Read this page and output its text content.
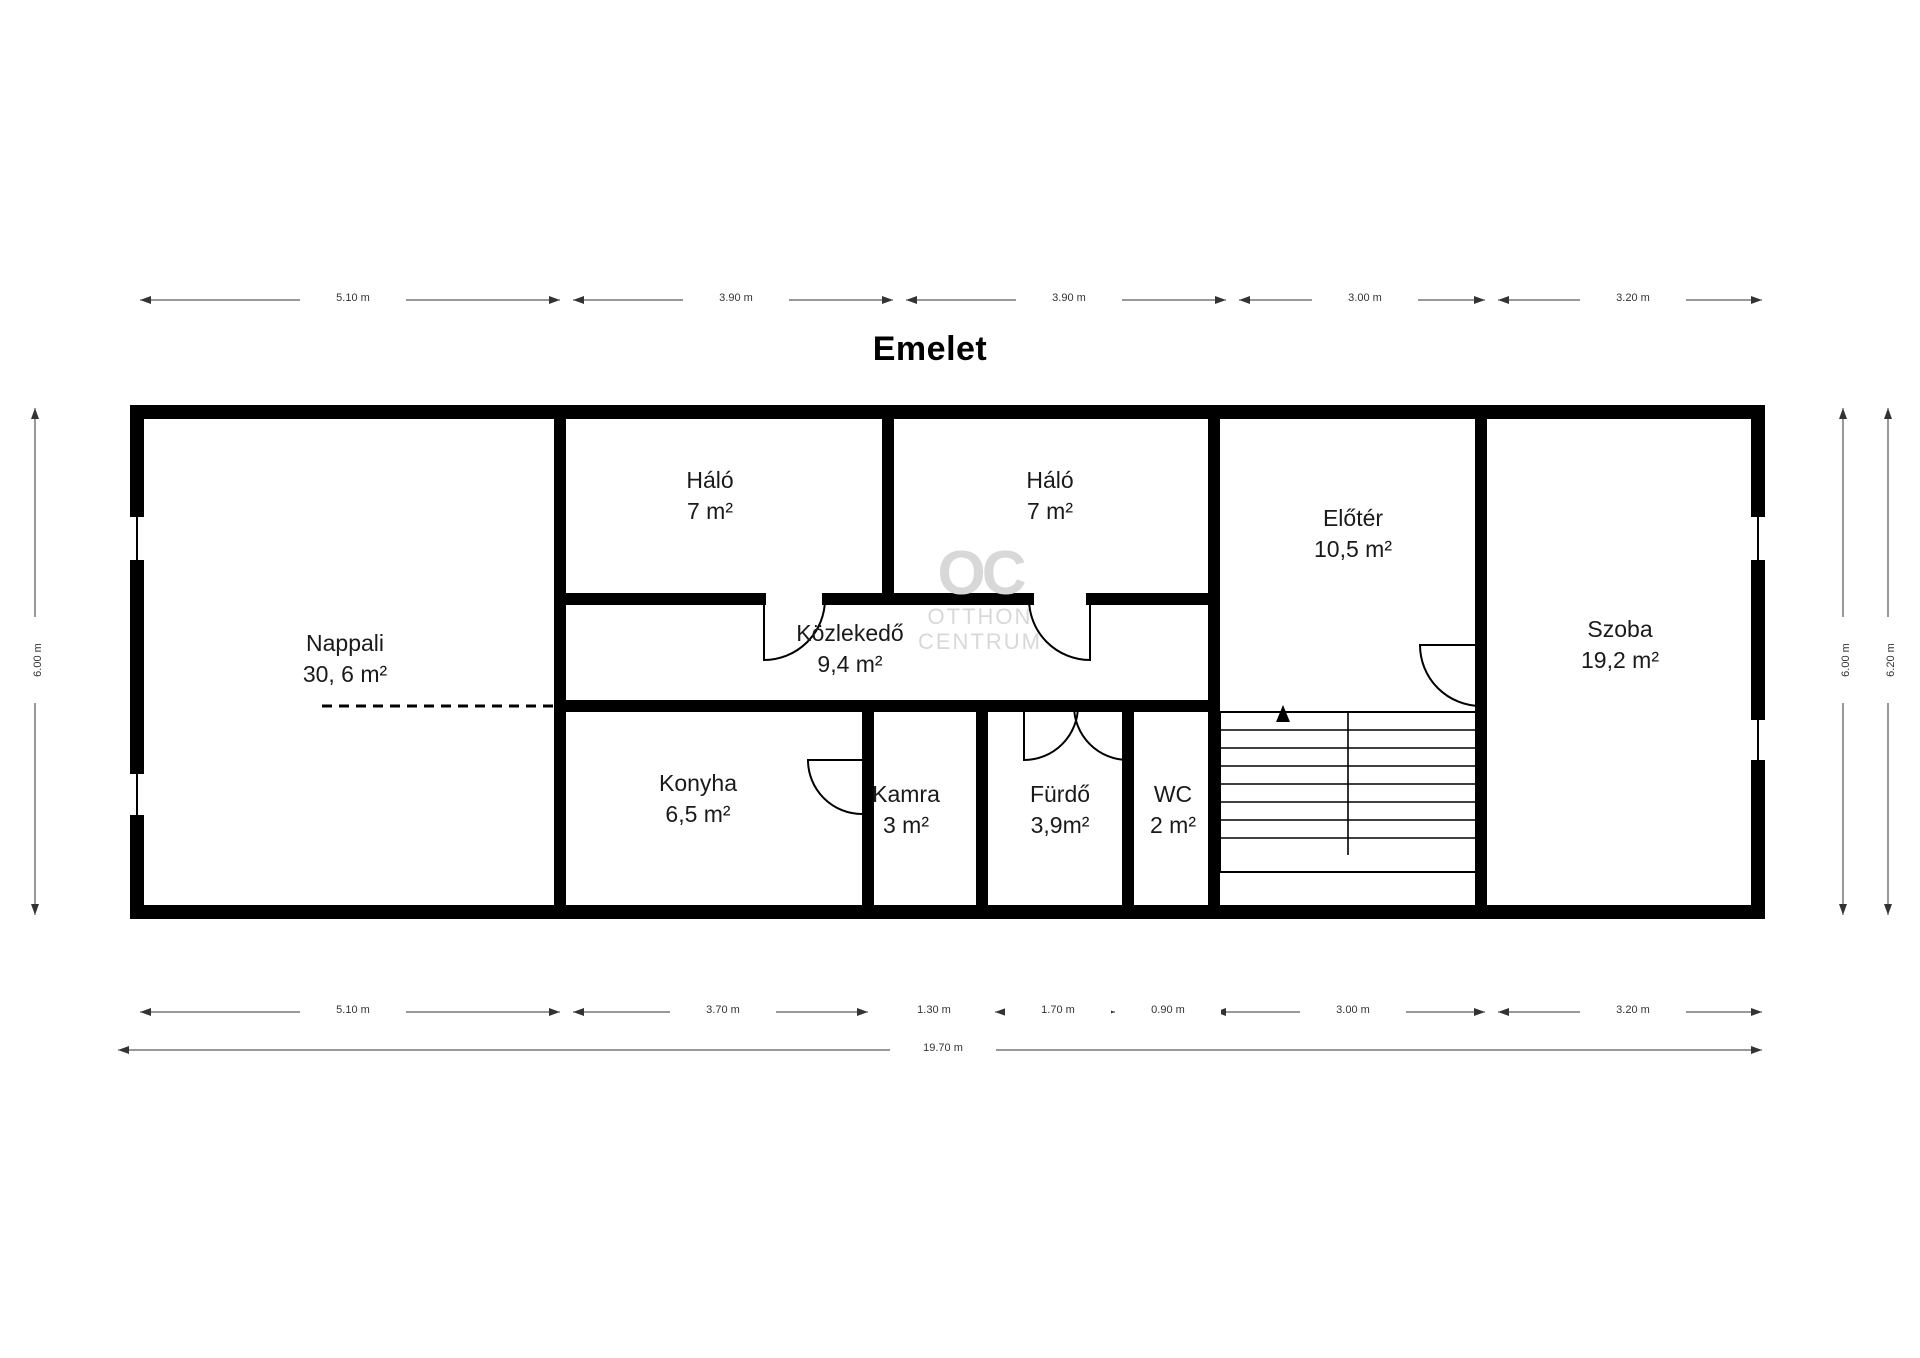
Emelet
OC
OTTHON
CENTRUM
Nappali
30, 6 m²
Háló
7 m²
Háló
7 m²	Előtér
10,5 m²
Szoba
19,2 m²
Közlekedő
9,4 m²
Konyha
6,5 m²
Kamra
3 m²
Fürdő
3,9m²
WC
2 m²
5.10 m	3.90 m	3.90 m	3.00 m	3.20 m
5.10 m	3.70 m	1.30 m	1.70 m	0.90 m	3.00 m	3.20 m
19.70 m
6.00 m	6.00 m	6.20 m
